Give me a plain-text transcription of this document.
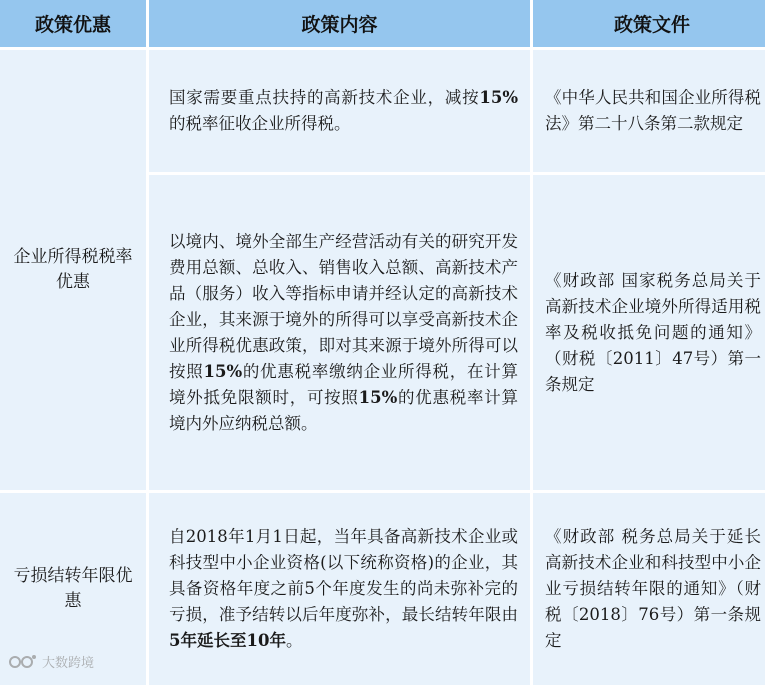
政策优惠	政策内容	政策文件
企业所得税税率优惠
国家需要重点扶持的高新技术企业，减按15%的税率征收企业所得税。
《中华人民共和国企业所得税法》第二十八条第二款规定
以境内、境外全部生产经营活动有关的研究开发费用总额、总收入、销售收入总额、高新技术产品（服务）收入等指标申请并经认定的高新技术企业，其来源于境外的所得可以享受高新技术企业所得税优惠政策，即对其来源于境外所得可以按照15%的优惠税率缴纳企业所得税，在计算境外抵免限额时，可按照15%的优惠税率计算境内外应纳税总额。
《财政部 国家税务总局关于高新技术企业境外所得适用税率及税收抵免问题的通知》（财税〔2011〕47号）第一条规定
亏损结转年限优惠
自2018年1月1日起，当年具备高新技术企业或科技型中小企业资格(以下统称资格)的企业，其具备资格年度之前5个年度发生的尚未弥补完的亏损，准予结转以后年度弥补，最长结转年限由5年延长至10年。
《财政部 税务总局关于延长高新技术企业和科技型中小企业亏损结转年限的通知》（财税〔2018〕76号）第一条规定
大数跨境
